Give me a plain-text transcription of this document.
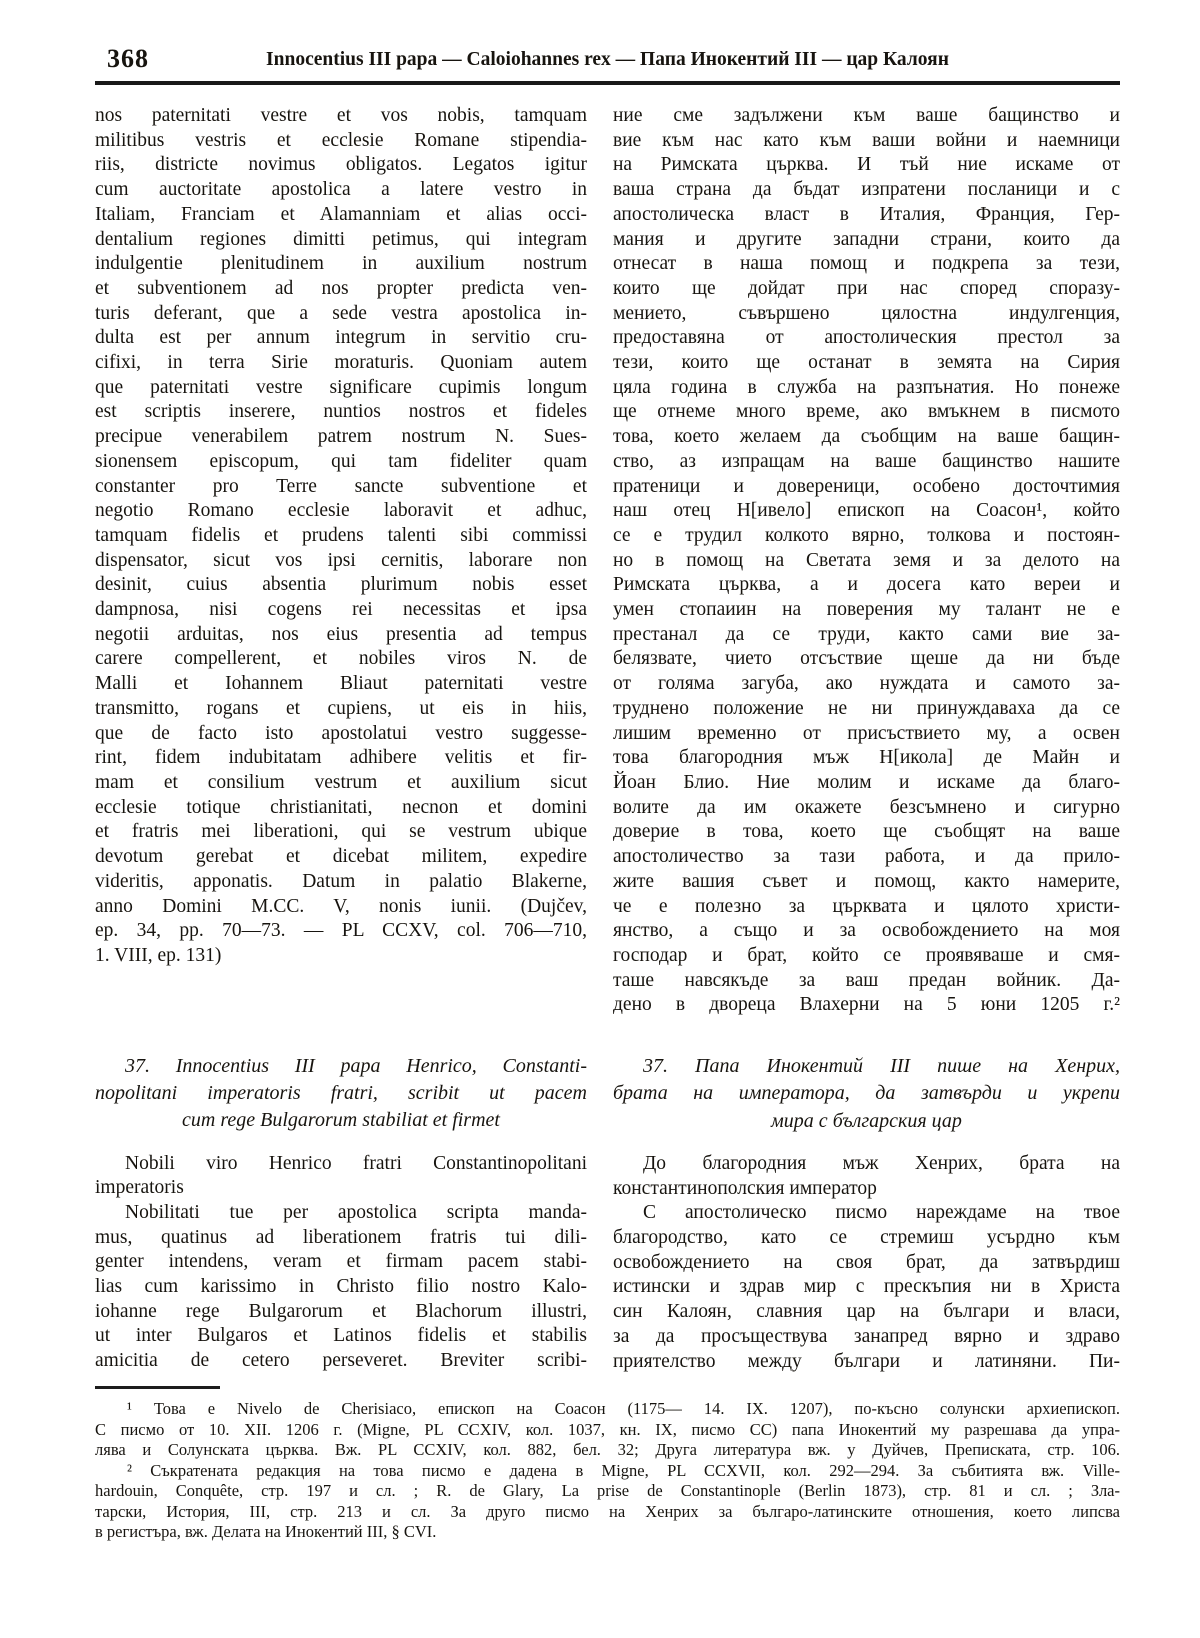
368	Innocentius III papa — Caloiohannes rex — Папа Инокентий III — цар Калоян
nos paternitati vestre et vos nobis, tamquam
militibus vestris et ecclesie Romane stipendia-
riis, districte novimus obligatos. Legatos igitur
cum auctoritate apostolica a latere vestro in
Italiam, Franciam et Alamanniam et alias occi-
dentalium regiones dimitti petimus, qui integram
indulgentie plenitudinem in auxilium nostrum
et subventionem ad nos propter predicta ven-
turis deferant, que a sede vestra apostolica in-
dulta est per annum integrum in servitio cru-
cifixi, in terra Sirie moraturis. Quoniam autem
que paternitati vestre significare cupimis longum
est scriptis inserere, nuntios nostros et fideles
precipue venerabilem patrem nostrum N. Sues-
sionensem episcopum, qui tam fideliter quam
constanter pro Terre sancte subventione et
negotio Romano ecclesie laboravit et adhuc,
tamquam fidelis et prudens talenti sibi commissi
dispensator, sicut vos ipsi cernitis, laborare non
desinit, cuius absentia plurimum nobis esset
dampnosa, nisi cogens rei necessitas et ipsa
negotii arduitas, nos eius presentia ad tempus
carere compellerent, et nobiles viros N. de
Malli et Iohannem Bliaut paternitati vestre
transmitto, rogans et cupiens, ut eis in hiis,
que de facto isto apostolatui vestro suggesse-
rint, fidem indubitatam adhibere velitis et fir-
mam et consilium vestrum et auxilium sicut
ecclesie totique christianitati, necnon et domini
et fratris mei liberationi, qui se vestrum ubique
devotum gerebat et dicebat militem, expedire
videritis, apponatis. Datum in palatio Blakerne,
anno Domini M.CC. V, nonis iunii. (Dujčev,
ep. 34, pp. 70—73. — PL CCXV, col. 706—710,
1. VIII, ep. 131)
37. Innocentius III papa Henrico, Constanti-
nopolitani imperatoris fratri, scribit ut pacem
cum rege Bulgarorum stabiliat et firmet
Nobili viro Henrico fratri Constantinopolitani
imperatoris
Nobilitati tue per apostolica scripta manda-
mus, quatinus ad liberationem fratris tui dili-
genter intendens, veram et firmam pacem stabi-
lias cum karissimo in Christo filio nostro Kalo-
iohanne rege Bulgarorum et Blachorum illustri,
ut inter Bulgaros et Latinos fidelis et stabilis
amicitia de cetero perseveret. Breviter scribi-
ние сме задължени към ваше бащинство и
вие към нас като към ваши войни и наемници
на Римската църква. И тъй ние искаме от
ваша страна да бъдат изпратени посланици и с
апостолическа власт в Италия, Франция, Гер-
мания и другите западни страни, които да
отнесат в наша помощ и подкрепа за тези,
които ще дойдат при нас според споразу-
мението, съвършено цялостна индулгенция,
предоставяна от апостолическия престол за
тези, които ще останат в земята на Сирия
цяла година в служба на разпънатия. Но понеже
ще отнеме много време, ако вмъкнем в писмото
това, което желаем да съобщим на ваше бащин-
ство, аз изпращам на ваше бащинство нашите
пратеници и довереници, особено досточтимия
наш отец Н[ивело] епископ на Соасон¹, който
се е трудил колкото вярно, толкова и постоян-
но в помощ на Светата земя и за делото на
Римската църква, а и досега като вереи и
умен стопаиин на поверения му талант не е
престанал да се труди, както сами вие за-
белязвате, чието отсъствие щеше да ни бъде
от голяма загуба, ако нуждата и самото за-
труднено положение не ни принуждаваха да се
лишим временно от присъствието му, а освен
това благородния мъж Н[икола] де Майн и
Йоан Блио. Ние молим и искаме да благо-
волите да им окажете безсъмнено и сигурно
доверие в това, което ще съобщят на ваше
апостоличество за тази работа, и да прило-
жите вашия съвет и помощ, както намерите,
че е полезно за църквата и цялото христи-
янство, а също и за освобождението на моя
господар и брат, който се проявяваше и смя-
таше навсякъде за ваш предан войник. Да-
дено в двореца Влахерни на 5 юни 1205 г.²
37. Папа Инокентий III пише на Хенрих,
брата на императора, да затвърди и укрепи
мира с българския цар
До благородния мъж Хенрих, брата на
константинополския император
С апостолическо писмо нареждаме на твое
благородство, като се стремиш усърдно към
освобождението на своя брат, да затвърдиш
истински и здрав мир с прескъпия ни в Христа
син Калоян, славния цар на българи и власи,
за да просъществува занапред вярно и здраво
приятелство между българи и латиняни. Пи-
¹ Това е Nivelo de Cherisiaco, епископ на Соасон (1175— 14. IX. 1207), по-късно солунски архиепископ.
С писмо от 10. XII. 1206 г. (Migne, PL CCXIV, кол. 1037, кн. IX, писмо CC) папа Инокентий му разрешава да упра-
лява и Солунската църква. Вж. PL CCXIV, кол. 882, бел. 32; Друга литература вж. у Дуйчев, Преписката, стр. 106.
² Съкратената редакция на това писмо е дадена в Migne, PL CCXVII, кол. 292—294. За събитията вж. Ville-
hardouin, Conquête, стр. 197 и сл. ; R. de Glary, La prise de Constantinople (Berlin 1873), стр. 81 и сл. ; Зла-
тарски, История, III, стр. 213 и сл. За друго писмо на Хенрих за българо-латинските отношения, което липсва
в регистъра, вж. Делата на Инокентий III, § CVI.
